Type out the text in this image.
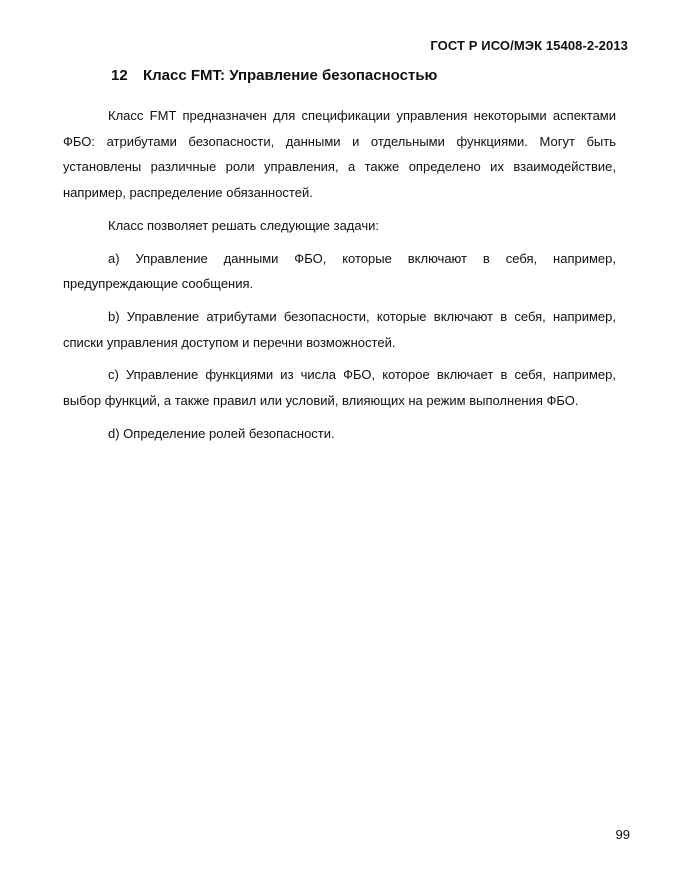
ГОСТ Р ИСО/МЭК 15408-2-2013
12 Класс FMT: Управление безопасностью

Класс FMT предназначен для спецификации управления некоторыми аспектами ФБО: атрибутами безопасности, данными и отдельными функциями. Могут быть установлены различные роли управления, а также определено их взаимодействие, например, распределение обязанностей.

Класс позволяет решать следующие задачи:

a) Управление данными ФБО, которые включают в себя, например, предупреждающие сообщения.

b) Управление атрибутами безопасности, которые включают в себя, например, списки управления доступом и перечни возможностей.

c) Управление функциями из числа ФБО, которое включает в себя, например, выбор функций, а также правил или условий, влияющих на режим выполнения ФБО.

d) Определение ролей безопасности.

99
